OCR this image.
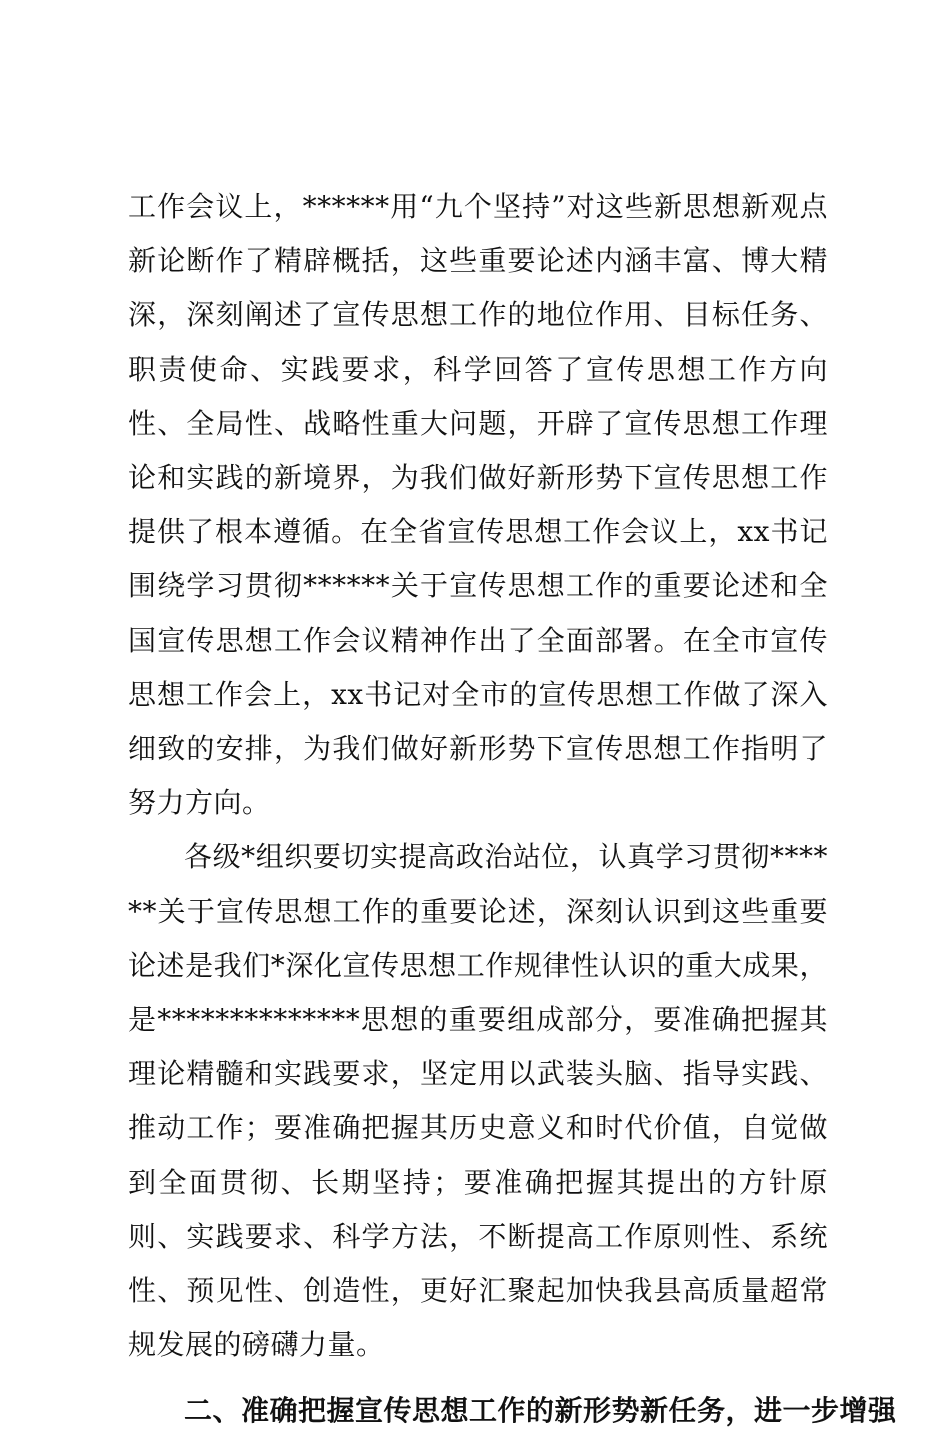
工作会议上，******用“九个坚持”对这些新思想新观点新论断作了精辟概括，这些重要论述内涵丰富、博大精深，深刻阐述了宣传思想工作的地位作用、目标任务、职责使命、实践要求，科学回答了宣传思想工作方向性、全局性、战略性重大问题，开辟了宣传思想工作理论和实践的新境界，为我们做好新形势下宣传思想工作提供了根本遵循。在全省宣传思想工作会议上，xx书记围绕学习贯彻******关于宣传思想工作的重要论述和全国宣传思想工作会议精神作出了全面部署。在全市宣传思想工作会上，xx书记对全市的宣传思想工作做了深入细致的安排，为我们做好新形势下宣传思想工作指明了努力方向。

各级*组织要切实提高政治站位，认真学习贯彻******关于宣传思想工作的重要论述，深刻认识到这些重要论述是我们*深化宣传思想工作规律性认识的重大成果，是**************思想的重要组成部分，要准确把握其理论精髓和实践要求，坚定用以武装头脑、指导实践、推动工作；要准确把握其历史意义和时代价值，自觉做到全面贯彻、长期坚持；要准确把握其提出的方针原则、实践要求、科学方法，不断提高工作原则性、系统性、预见性、创造性，更好汇聚起加快我县高质量超常规发展的磅礴力量。

二、准确把握宣传思想工作的新形势新任务，进一步增强
